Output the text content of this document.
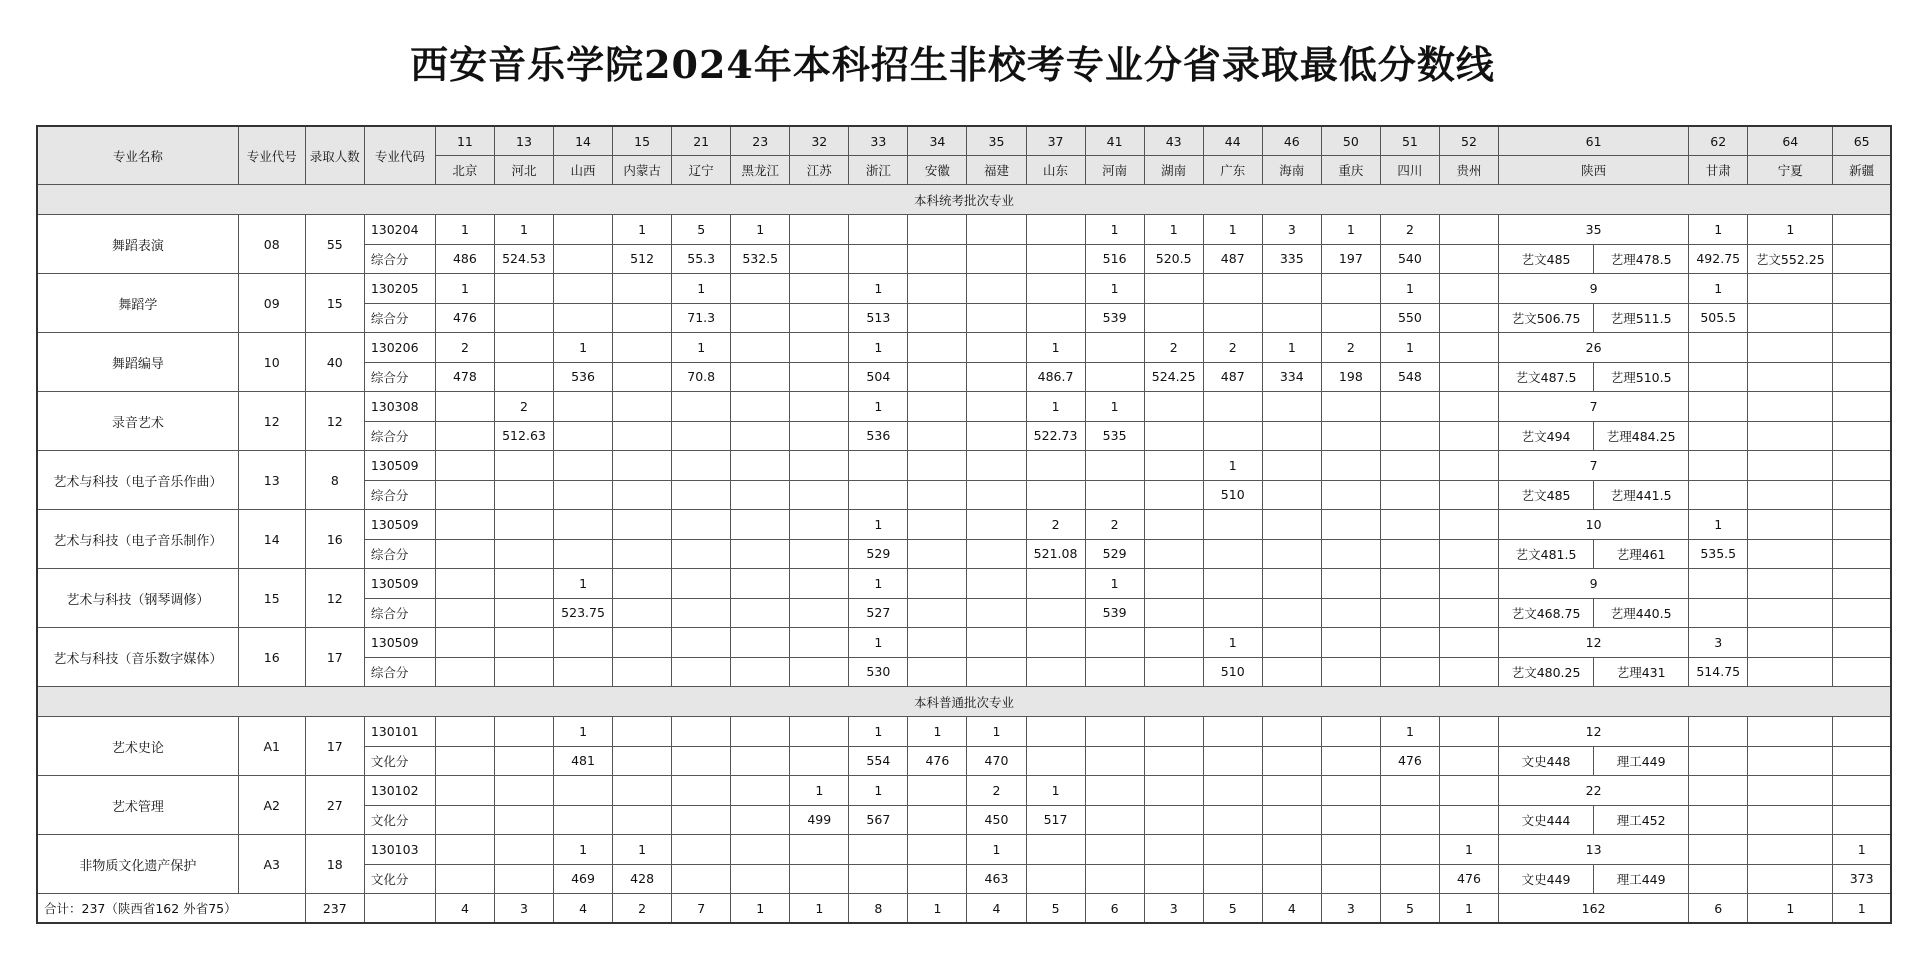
西安音乐学院2024年本科招生非校考专业分省录取最低分数线
专业名称	专业代号	录取人数	专业代码	11	13	14	15	21	23	32	33	34	35	37	41	43	44	46	50	51	52	61		62	64	65
				北京	河北	山西	内蒙古	辽宁	黑龙江	江苏	浙江	安徽	福建	山东	河南	湖南	广东	海南	重庆	四川	贵州	陕西		甘肃	宁夏	新疆
本科统考批次专业																										
舞蹈表演	08	55	130204	1	1		1	5	1						1	1	1	3	1	2		35		1	1	
			综合分	486	524.53		512	55.3	532.5						516	520.5	487	335	197	540		艺文485	艺理478.5	492.75	艺文552.25	
舞蹈学	09	15	130205	1				1			1				1					1		9		1		
			综合分	476				71.3			513				539					550		艺文506.75	艺理511.5	505.5		
舞蹈编导	10	40	130206	2		1		1			1			1		2	2	1	2	1		26				
			综合分	478		536		70.8			504			486.7		524.25	487	334	198	548		艺文487.5	艺理510.5			
录音艺术	12	12	130308		2						1			1	1							7				
			综合分		512.63						536			522.73	535							艺文494	艺理484.25			
艺术与科技（电子音乐作曲）	13	8	130509														1					7				
			综合分														510					艺文485	艺理441.5			
艺术与科技（电子音乐制作）	14	16	130509								1			2	2							10		1		
			综合分								529			521.08	529							艺文481.5	艺理461	535.5		
艺术与科技（钢琴调修）	15	12	130509			1					1				1							9				
			综合分			523.75					527				539							艺文468.75	艺理440.5			
艺术与科技（音乐数字媒体）	16	17	130509								1						1					12		3		
			综合分								530						510					艺文480.25	艺理431	514.75		
本科普通批次专业																										
艺术史论	A1	17	130101			1					1	1	1							1		12				
			文化分			481					554	476	470							476		文史448	理工449			
艺术管理	A2	27	130102							1	1		2	1								22				
			文化分							499	567		450	517								文史444	理工452			
非物质文化遗产保护	A3	18	130103			1	1						1								1	13				1
			文化分			469	428						463								476	文史449	理工449			373
合计：237（陕西省162 外省75）		237		4	3	4	2	7	1	1	8	1	4	5	6	3	5	4	3	5	1	162		6	1	1
